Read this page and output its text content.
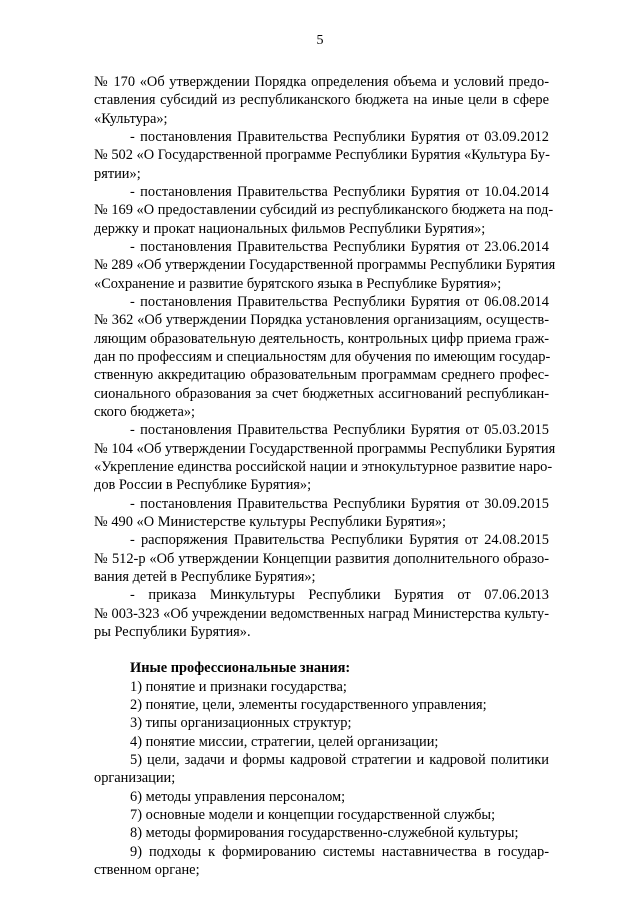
5
№ 170 «Об утверждении Порядка определения объема и условий предо-
ставления субсидий из республиканского бюджета на иные цели в сфере
«Культура»;
- постановления Правительства Республики Бурятия от 03.09.2012
№ 502 «О Государственной программе Республики Бурятия «Культура Бу-
рятии»;
- постановления Правительства Республики Бурятия от 10.04.2014
№ 169 «О предоставлении субсидий из республиканского бюджета на под-
держку и прокат национальных фильмов Республики Бурятия»;
- постановления Правительства Республики Бурятия от 23.06.2014
№ 289 «Об утверждении Государственной программы Республики Бурятия
«Сохранение и развитие бурятского языка в Республике Бурятия»;
- постановления Правительства Республики Бурятия от 06.08.2014
№ 362 «Об утверждении Порядка установления организациям, осуществ-
ляющим образовательную деятельность, контрольных цифр приема граж-
дан по профессиям и специальностям для обучения по имеющим государ-
ственную аккредитацию образовательным программам среднего профес-
сионального образования за счет бюджетных ассигнований республикан-
ского бюджета»;
- постановления Правительства Республики Бурятия от 05.03.2015
№ 104 «Об утверждении Государственной программы Республики Бурятия
«Укрепление единства российской нации и этнокультурное развитие наро-
дов России в Республике Бурятия»;
- постановления Правительства Республики Бурятия от 30.09.2015
№ 490 «О Министерстве культуры Республики Бурятия»;
- распоряжения Правительства Республики Бурятия от 24.08.2015
№ 512-р «Об утверждении Концепции развития дополнительного образо-
вания детей в Республике Бурятия»;
- приказа Минкультуры Республики Бурятия от 07.06.2013
№ 003-323 «Об учреждении ведомственных наград Министерства культу-
ры Республики Бурятия».
Иные профессиональные знания:
1) понятие и признаки государства;
2) понятие, цели, элементы государственного управления;
3) типы организационных структур;
4) понятие миссии, стратегии, целей организации;
5) цели, задачи и формы кадровой стратегии и кадровой политики
организации;
6) методы управления персоналом;
7) основные модели и концепции государственной службы;
8) методы формирования государственно-служебной культуры;
9) подходы к формированию системы наставничества в государ-
ственном органе;
